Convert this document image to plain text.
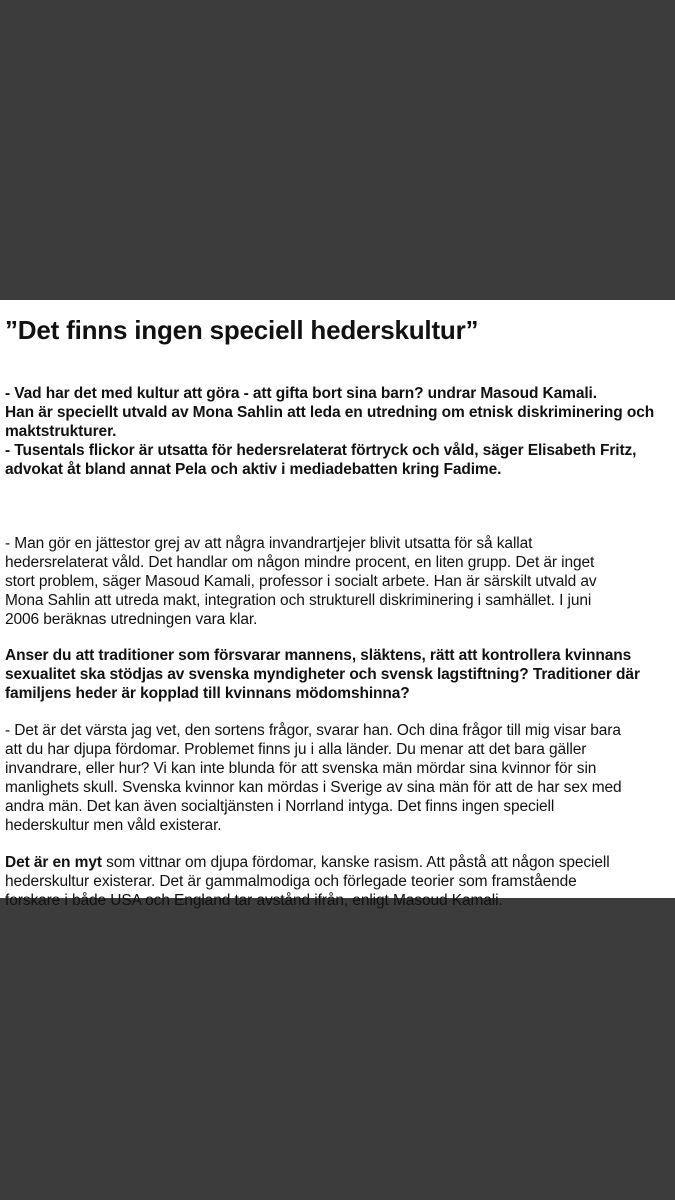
”Det finns ingen speciell hederskultur”

- Vad har det med kultur att göra - att gifta bort sina barn? undrar Masoud Kamali.
Han är speciellt utvald av Mona Sahlin att leda en utredning om etnisk diskriminering och
maktstrukturer.
- Tusentals flickor är utsatta för hedersrelaterat förtryck och våld, säger Elisabeth Fritz,
advokat åt bland annat Pela och aktiv i mediadebatten kring Fadime.

- Man gör en jättestor grej av att några invandrartjejer blivit utsatta för så kallat
hedersrelaterat våld. Det handlar om någon mindre procent, en liten grupp. Det är inget
stort problem, säger Masoud Kamali, professor i socialt arbete. Han är särskilt utvald av
Mona Sahlin att utreda makt, integration och strukturell diskriminering i samhället. I juni
2006 beräknas utredningen vara klar.

Anser du att traditioner som försvarar mannens, släktens, rätt att kontrollera kvinnans
sexualitet ska stödjas av svenska myndigheter och svensk lagstiftning? Traditioner där
familjens heder är kopplad till kvinnans mödomshinna?

- Det är det värsta jag vet, den sortens frågor, svarar han. Och dina frågor till mig visar bara
att du har djupa fördomar. Problemet finns ju i alla länder. Du menar att det bara gäller
invandrare, eller hur? Vi kan inte blunda för att svenska män mördar sina kvinnor för sin
manlighets skull. Svenska kvinnor kan mördas i Sverige av sina män för att de har sex med
andra män. Det kan även socialtjänsten i Norrland intyga. Det finns ingen speciell
hederskultur men våld existerar.

Det är en myt som vittnar om djupa fördomar, kanske rasism. Att påstå att någon speciell
hederskultur existerar. Det är gammalmodiga och förlegade teorier som framstående
forskare i både USA och England tar avstånd ifrån, enligt Masoud Kamali.
